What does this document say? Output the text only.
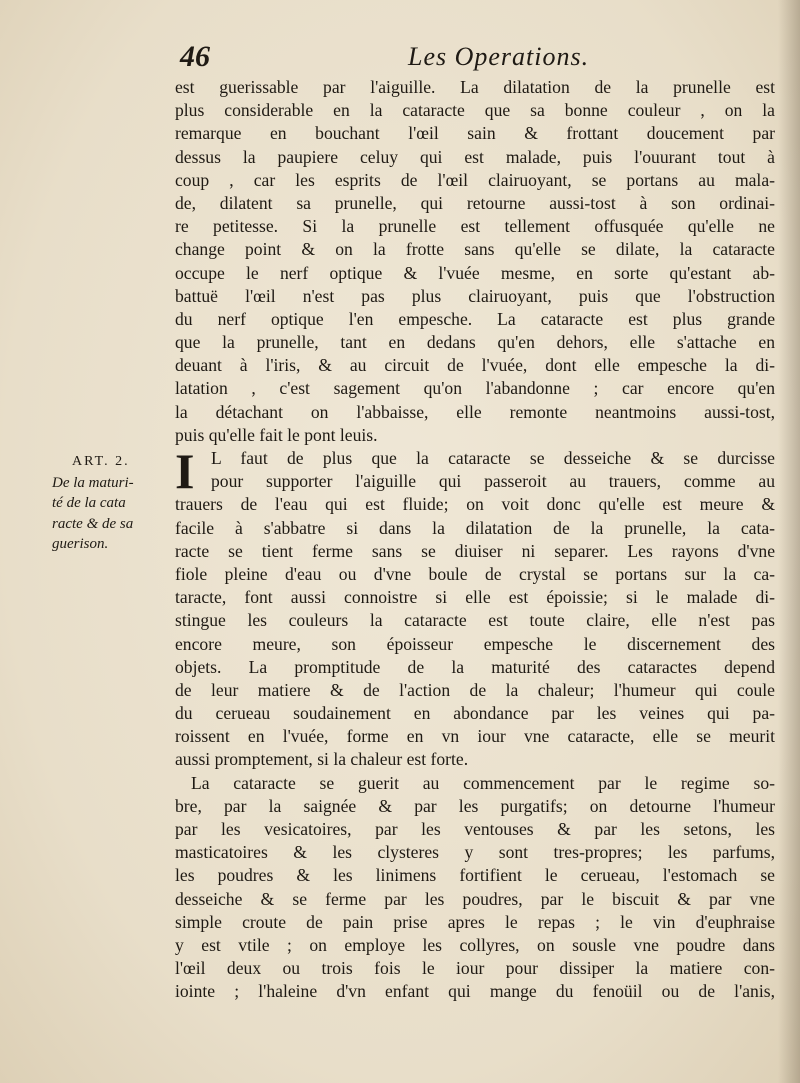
46	Les Operations.
ART. 2.
De la maturi-
té de la cata
racte & de sa
guerison.
est guerissable par l'aiguille. La dilatation de la prunelle est
plus considerable en la cataracte que sa bonne couleur , on la
remarque en bouchant l'œil sain & frottant doucement par
dessus la paupiere celuy qui est malade, puis l'ouurant tout à
coup , car les esprits de l'œil clairuoyant, se portans au mala-
de, dilatent sa prunelle, qui retourne aussi-tost à son ordinai-
re petitesse. Si la prunelle est tellement offusquée qu'elle ne
change point & on la frotte sans qu'elle se dilate, la cataracte
occupe le nerf optique & l'vuée mesme, en sorte qu'estant ab-
battuë l'œil n'est pas plus clairuoyant, puis que l'obstruction
du nerf optique l'en empesche. La cataracte est plus grande
que la prunelle, tant en dedans qu'en dehors, elle s'attache en
deuant à l'iris, & au circuit de l'vuée, dont elle empesche la di-
latation , c'est sagement qu'on l'abandonne ; car encore qu'en
la détachant on l'abbaisse, elle remonte neantmoins aussi-tost,
puis qu'elle fait le pont leuis.
I L faut de plus que la cataracte se desseiche & se durcisse
pour supporter l'aiguille qui passeroit au trauers, comme au
trauers de l'eau qui est fluide; on voit donc qu'elle est meure &
facile à s'abbatre si dans la dilatation de la prunelle, la cata-
racte se tient ferme sans se diuiser ni separer. Les rayons d'vne
fiole pleine d'eau ou d'vne boule de crystal se portans sur la ca-
taracte, font aussi connoistre si elle est époissie; si le malade di-
stingue les couleurs la cataracte est toute claire, elle n'est pas
encore meure, son époisseur empesche le discernement des
objets. La promptitude de la maturité des cataractes depend
de leur matiere & de l'action de la chaleur; l'humeur qui coule
du cerueau soudainement en abondance par les veines qui pa-
roissent en l'vuée, forme en vn iour vne cataracte, elle se meurit
aussi promptement, si la chaleur est forte.
La cataracte se guerit au commencement par le regime so-
bre, par la saignée & par les purgatifs; on detourne l'humeur
par les vesicatoires, par les ventouses & par les setons, les
masticatoires & les clysteres y sont tres-propres; les parfums,
les poudres & les linimens fortifient le cerueau, l'estomach se
desseiche & se ferme par les poudres, par le biscuit & par vne
simple croute de pain prise apres le repas ; le vin d'euphraise
y est vtile ; on employe les collyres, on sousle vne poudre dans
l'œil deux ou trois fois le iour pour dissiper la matiere con-
iointe ; l'haleine d'vn enfant qui mange du fenoüil ou de l'anis,
